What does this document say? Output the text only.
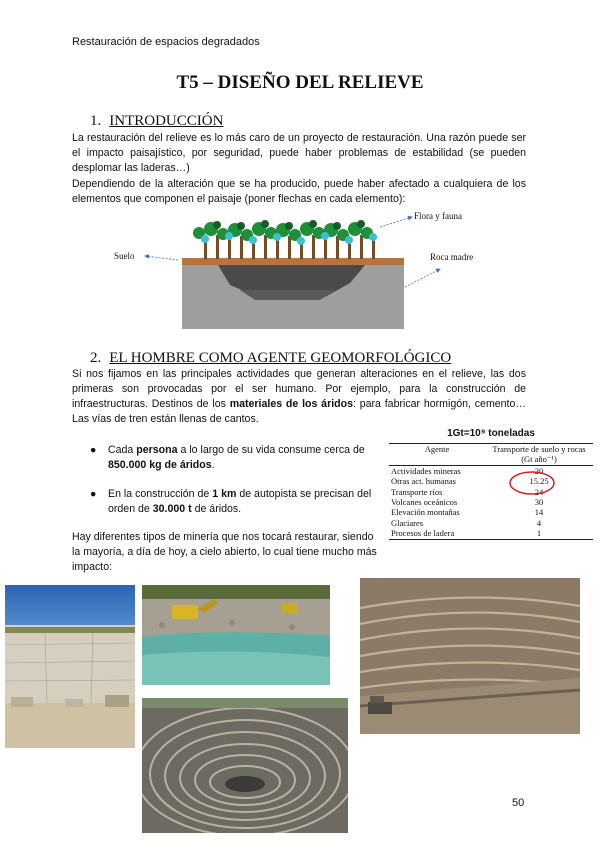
Restauración de espacios degradados
T5 – DISEÑO DEL RELIEVE
1. INTRODUCCIÓN
La restauración del relieve es lo más caro de un proyecto de restauración. Una razón puede ser el impacto paisajístico, por seguridad, puede haber problemas de estabilidad (se pueden desplomar las laderas…)
Dependiendo de la alteración que se ha producido, puede haber afectado a cualquiera de los elementos que componen el paisaje (poner flechas en cada elemento):
Flora y fauna
Suelo	Roca madre
2. EL HOMBRE COMO AGENTE GEOMORFOLÓGICO
Si nos fijamos en las principales actividades que generan alteraciones en el relieve, las dos primeras son provocadas por el ser humano. Por ejemplo, para la construcción de infraestructuras. Destinos de los materiales de los áridos: para fabricar hormigón, cemento… Las vías de tren están llenas de cantos.
● Cada persona a lo largo de su vida consume cerca de 850.000 kg de áridos.
● En la construcción de 1 km de autopista se precisan del orden de 30.000 t de áridos.
Hay diferentes tipos de minería que nos tocará restaurar, siendo la mayoría, a día de hoy, a cielo abierto, lo cual tiene mucho más impacto:
1Gt=10⁹ toneladas
Agente	Transporte de suelo y rocas (Gt año⁻¹)
Actividades mineras	20
Otras act. humanas	15.25
Transporte ríos	24
Volcanes oceánicos	30
Elevación montañas	14
Glaciares	4
Procesos de ladera	1
50
